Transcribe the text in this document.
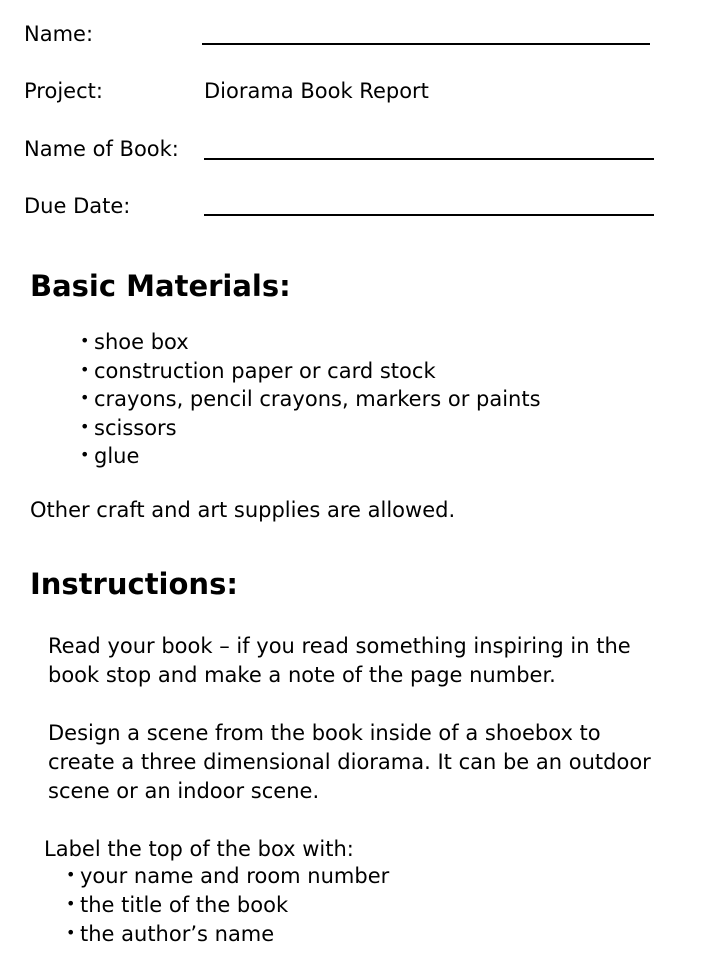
Name:
Project:	Diorama Book Report
Name of Book:
Due Date:
Basic Materials:
• shoe box
• construction paper or card stock
• crayons, pencil crayons, markers or paints
• scissors
• glue
Other craft and art supplies are allowed.
Instructions:
Read your book – if you read something inspiring in the
book stop and make a note of the page number.
Design a scene from the book inside of a shoebox to
create a three dimensional diorama. It can be an outdoor
scene or an indoor scene.
Label the top of the box with:
• your name and room number
• the title of the book
• the author’s name
